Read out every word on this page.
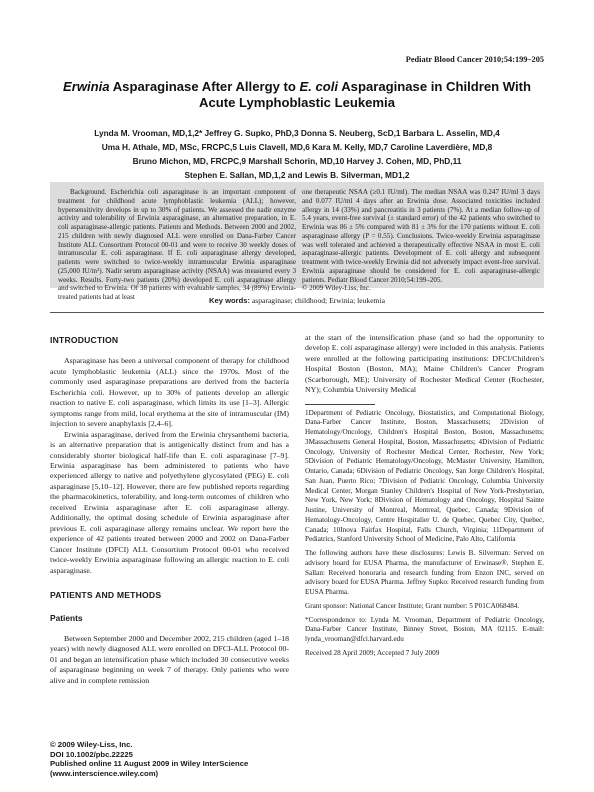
Pediatr Blood Cancer 2010;54:199–205
Erwinia Asparaginase After Allergy to E. coli Asparaginase in Children With Acute Lymphoblastic Leukemia
Lynda M. Vrooman, MD,1,2* Jeffrey G. Supko, PhD,3 Donna S. Neuberg, ScD,1 Barbara L. Asselin, MD,4
Uma H. Athale, MD, MSc, FRCPC,5 Luis Clavell, MD,6 Kara M. Kelly, MD,7 Caroline Laverdière, MD,8
Bruno Michon, MD, FRCPC,9 Marshall Schorin, MD,10 Harvey J. Cohen, MD, PhD,11
Stephen E. Sallan, MD,1,2 and Lewis B. Silverman, MD1,2
Background. Escherichia coli asparaginase is an important component of treatment for childhood acute lymphoblastic leukemia (ALL); however, hypersensitivity develops in up to 30% of patients. We assessed the nadir enzyme activity and tolerability of Erwinia asparaginase, an alternative preparation, in E. coli asparaginase-allergic patients. Patients and Methods. Between 2000 and 2002, 215 children with newly diagnosed ALL were enrolled on Dana-Farber Cancer Institute ALL Consortium Protocol 00-01 and were to receive 30 weekly doses of intramuscular E. coli asparaginase. If E. coli asparaginase allergy developed, patients were switched to twice-weekly intramuscular Erwinia asparaginase (25,000 IU/m²). Nadir serum asparaginase activity (NSAA) was measured every 3 weeks. Results. Forty-two patients (20%) developed E. coli asparaginase allergy and switched to Erwinia. Of 38 patients with evaluable samples, 34 (89%) Erwinia-treated patients had at least
one therapeutic NSAA (≥0.1 IU/ml). The median NSAA was 0.247 IU/ml 3 days and 0.077 IU/ml 4 days after an Erwinia dose. Associated toxicities included allergy in 14 (33%) and pancreatitis in 3 patients (7%). At a median follow-up of 5.4 years, event-free survival (± standard error) of the 42 patients who switched to Erwinia was 86 ± 5% compared with 81 ± 3% for the 170 patients without E. coli asparaginase allergy (P = 0.55). Conclusions. Twice-weekly Erwinia asparaginase was well tolerated and achieved a therapeutically effective NSAA in most E. coli asparaginase-allergic patients. Development of E. coli allergy and subsequent treatment with twice-weekly Erwinia did not adversely impact event-free survival. Erwinia asparaginase should be considered for E. coli asparaginase-allergic patients. Pediatr Blood Cancer 2010;54:199–205.
© 2009 Wiley-Liss, Inc.
Key words: asparaginase; childhood; Erwinia; leukemia
INTRODUCTION

Asparaginase has been a universal component of therapy for childhood acute lymphoblastic leukemia (ALL) since the 1970s. Most of the commonly used asparaginase preparations are derived from the bacteria Escherichia coli. However, up to 30% of patients develop an allergic reaction to native E. coli asparaginase, which limits its use [1–3]. Allergic symptoms range from mild, local erythema at the site of intramuscular (IM) injection to severe anaphylaxis [2,4–6].

Erwinia asparaginase, derived from the Erwinia chrysanthemi bacteria, is an alternative preparation that is antigenically distinct from and has a considerably shorter biological half-life than E. coli asparaginase [7–9]. Erwinia asparaginase has been administered to patients who have experienced allergy to native and polyethylene glycosylated (PEG) E. coli asparaginase [5,10–12]. However, there are few published reports regarding the pharmacokinetics, tolerability, and long-term outcomes of children who received Erwinia asparaginase after E. coli asparaginase allergy. Additionally, the optimal dosing schedule of Erwinia asparaginase after previous E. coli asparaginase allergy remains unclear. We report here the experience of 42 patients treated between 2000 and 2002 on Dana-Farber Cancer Institute (DFCI) ALL Consortium Protocol 00-01 who received twice-weekly Erwinia asparaginase following an allergic reaction to E. coli asparaginase.

PATIENTS AND METHODS
Patients

Between September 2000 and December 2002, 215 children (aged 1–18 years) with newly diagnosed ALL were enrolled on DFCI-ALL Protocol 00-01 and began an intensification phase which included 30 consecutive weeks of asparaginase beginning on week 7 of therapy. Only patients who were alive and in complete remission

at the start of the intensification phase (and so had the opportunity to develop E. coli asparaginase allergy) were included in this analysis. Patients were enrolled at the following participating institutions: DFCI/Children's Hospital Boston (Boston, MA); Maine Children's Cancer Program (Scarborough, ME); University of Rochester Medical Center (Rochester, NY); Columbia University Medical

1Department of Pediatric Oncology, Biostatistics, and Computational Biology, Dana-Farber Cancer Institute, Boston, Massachusetts; 2Division of Hematology/Oncology, Children's Hospital Boston, Boston, Massachusetts; 3Massachusetts General Hospital, Boston, Massachusetts; 4Division of Pediatric Oncology, University of Rochester Medical Center, Rochester, New York; 5Division of Pediatric Hematology/Oncology, McMaster University, Hamilton, Ontario, Canada; 6Division of Pediatric Oncology, San Jorge Children's Hospital, San Juan, Puerto Rico; 7Division of Pediatric Oncology, Columbia University Medical Center, Morgan Stanley Children's Hospital of New York-Presbyterian, New York, New York; 8Division of Hematology and Oncology, Hospital Sainte Justine, University of Montreal, Montreal, Quebec, Canada; 9Division of Hematology-Oncology, Centre Hospitalier U. de Quebec, Quebec City, Quebec, Canada; 10Inova Fairfax Hospital, Falls Church, Virginia; 11Department of Pediatrics, Stanford University School of Medicine, Palo Alto, California

The following authors have these disclosures: Lewis B. Silverman: Served on advisory board for EUSA Pharma, the manufacturer of Erwinase®. Stephen E. Sallan: Received honoraria and research funding from Enzon INC, served on advisory board for EUSA Pharma. Jeffrey Supko: Received research funding from EUSA Pharma.

Grant sponsor: National Cancer Institute; Grant number: 5 P01CA068484.

*Correspondence to: Lynda M. Vrooman, Department of Pediatric Oncology, Dana-Farber Cancer Institute, Binney Street, Boston, MA 02115. E-mail: lynda_vrooman@dfci.harvard.edu

Received 28 April 2009; Accepted 7 July 2009

© 2009 Wiley-Liss, Inc.
DOI 10.1002/pbc.22225
Published online 11 August 2009 in Wiley InterScience
(www.interscience.wiley.com)
